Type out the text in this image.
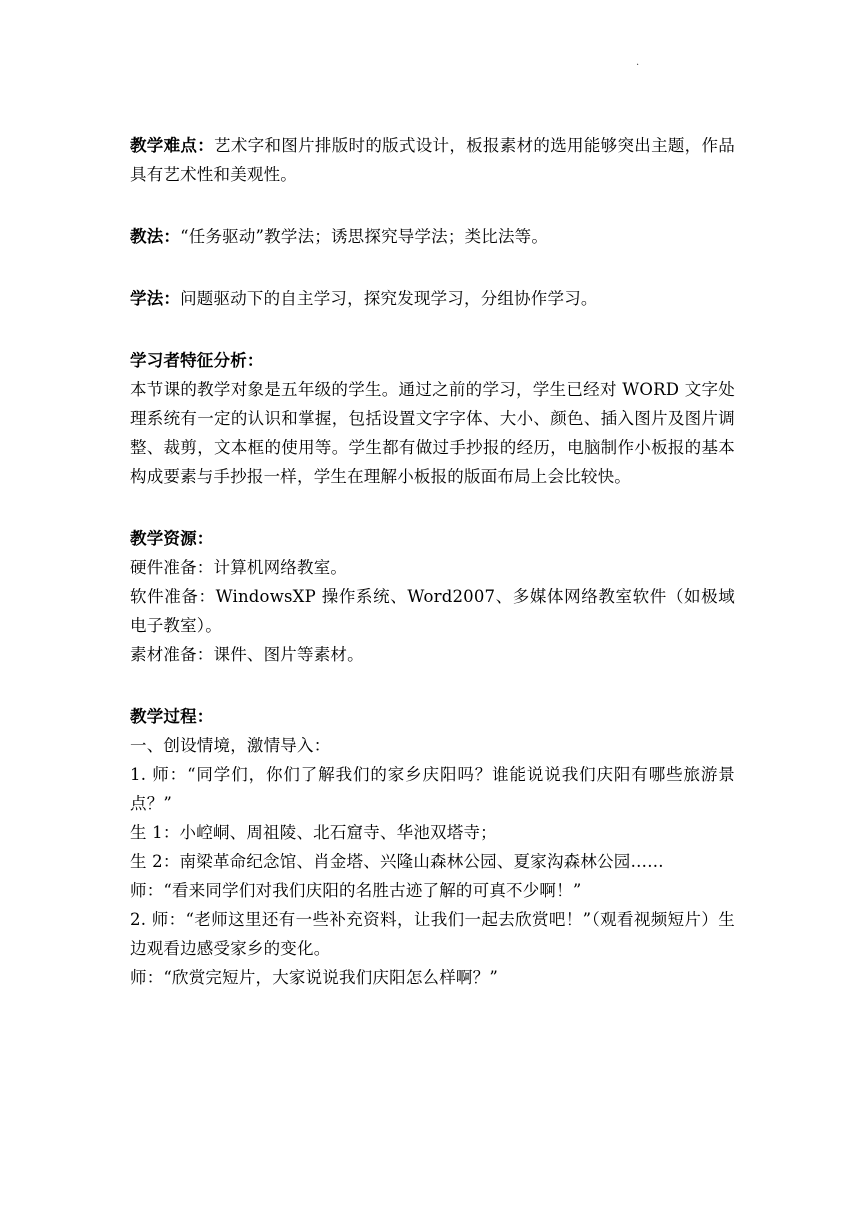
.

教学难点：艺术字和图片排版时的版式设计，板报素材的选用能够突出主题，作品具有艺术性和美观性。

教法：“任务驱动”教学法；诱思探究导学法；类比法等。

学法：问题驱动下的自主学习，探究发现学习，分组协作学习。

学习者特征分析：

本节课的教学对象是五年级的学生。通过之前的学习，学生已经对 WORD 文字处理系统有一定的认识和掌握，包括设置文字字体、大小、颜色、插入图片及图片调整、裁剪，文本框的使用等。学生都有做过手抄报的经历，电脑制作小板报的基本构成要素与手抄报一样，学生在理解小板报的版面布局上会比较快。

教学资源：

硬件准备：计算机网络教室。

软件准备：WindowsXP 操作系统、Word2007、多媒体网络教室软件（如极域电子教室）。

素材准备：课件、图片等素材。

教学过程：

一、创设情境，激情导入：

1. 师：“同学们，你们了解我们的家乡庆阳吗？谁能说说我们庆阳有哪些旅游景点？”

生 1：小崆峒、周祖陵、北石窟寺、华池双塔寺；

生 2：南梁革命纪念馆、肖金塔、兴隆山森林公园、夏家沟森林公园……

师：“看来同学们对我们庆阳的名胜古迹了解的可真不少啊！”

2. 师：“老师这里还有一些补充资料，让我们一起去欣赏吧！”（观看视频短片）生边观看边感受家乡的变化。

师：“欣赏完短片，大家说说我们庆阳怎么样啊？”
